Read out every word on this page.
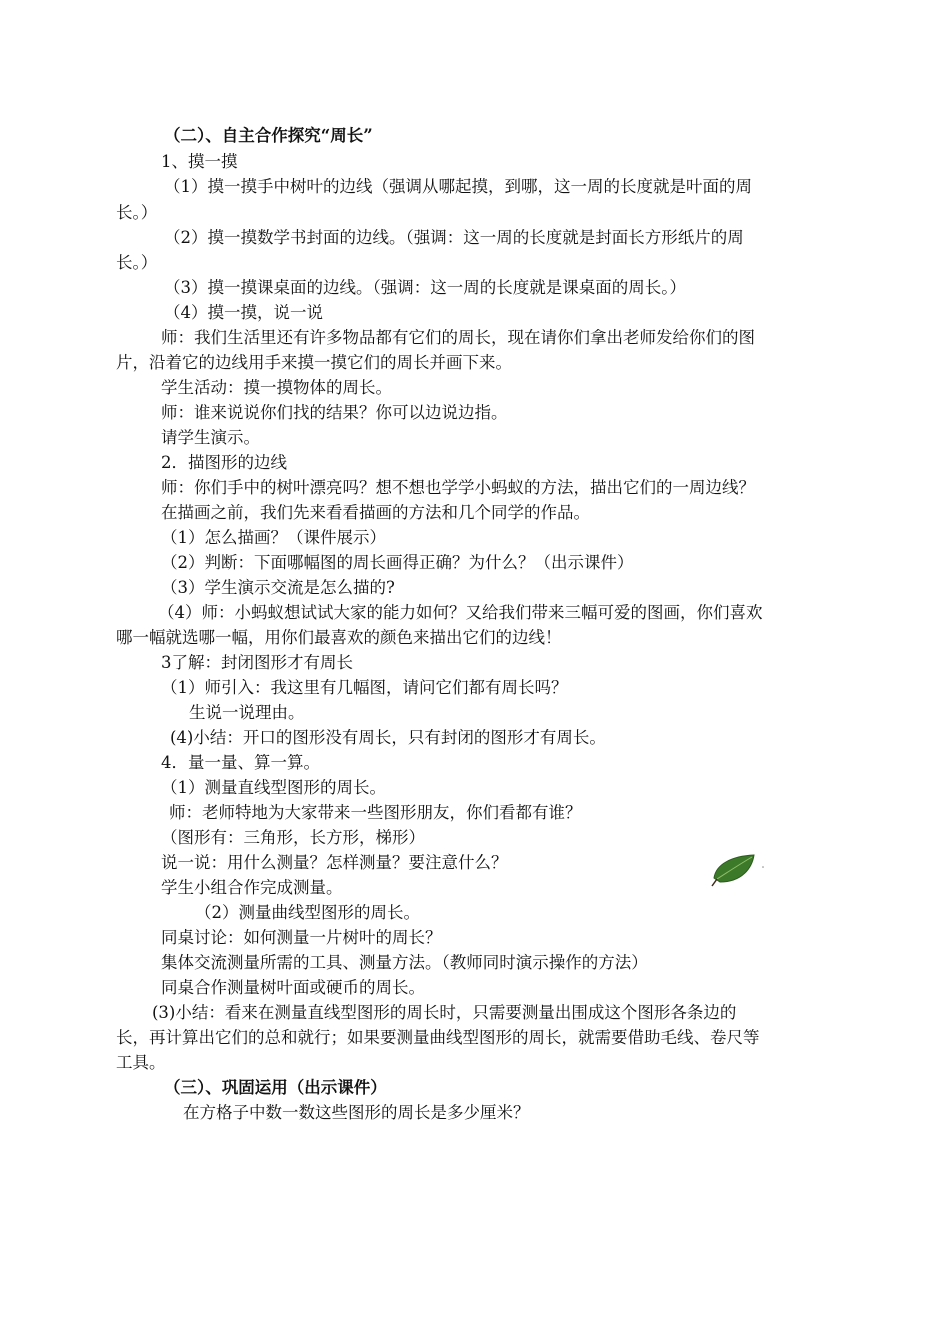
（二）、自主合作探究“周长”
1、摸一摸
（1）摸一摸手中树叶的边线（强调从哪起摸，到哪，这一周的长度就是叶面的周
长。）
（2）摸一摸数学书封面的边线。（强调：这一周的长度就是封面长方形纸片的周
长。）
（3）摸一摸课桌面的边线。（强调：这一周的长度就是课桌面的周长。）
（4）摸一摸，说一说
师：我们生活里还有许多物品都有它们的周长，现在请你们拿出老师发给你们的图
片，沿着它的边线用手来摸一摸它们的周长并画下来。
学生活动：摸一摸物体的周长。
师：谁来说说你们找的结果？你可以边说边指。
请学生演示。
2．描图形的边线
师：你们手中的树叶漂亮吗？想不想也学学小蚂蚁的方法，描出它们的一周边线？
在描画之前，我们先来看看描画的方法和几个同学的作品。
（1）怎么描画？（课件展示）
（2）判断：下面哪幅图的周长画得正确？为什么？（出示课件）
（3）学生演示交流是怎么描的?
（4）师：小蚂蚁想试试大家的能力如何？又给我们带来三幅可爱的图画，你们喜欢
哪一幅就选哪一幅，用你们最喜欢的颜色来描出它们的边线！
3了解：封闭图形才有周长
（1）师引入：我这里有几幅图，请问它们都有周长吗？
生说一说理由。
(4)小结：开口的图形没有周长，只有封闭的图形才有周长。
4．量一量、算一算。
（1）测量直线型图形的周长。
师：老师特地为大家带来一些图形朋友，你们看都有谁？
（图形有：三角形，长方形，梯形）
说一说：用什么测量？怎样测量？要注意什么？
学生小组合作完成测量。
（2）测量曲线型图形的周长。
同桌讨论：如何测量一片树叶的周长？
集体交流测量所需的工具、测量方法。（教师同时演示操作的方法）
同桌合作测量树叶面或硬币的周长。
(3)小结：看来在测量直线型图形的周长时，只需要测量出围成这个图形各条边的
长，再计算出它们的总和就行；如果要测量曲线型图形的周长，就需要借助毛线、卷尺等
工具。
（三）、巩固运用（出示课件）
在方格子中数一数这些图形的周长是多少厘米？
